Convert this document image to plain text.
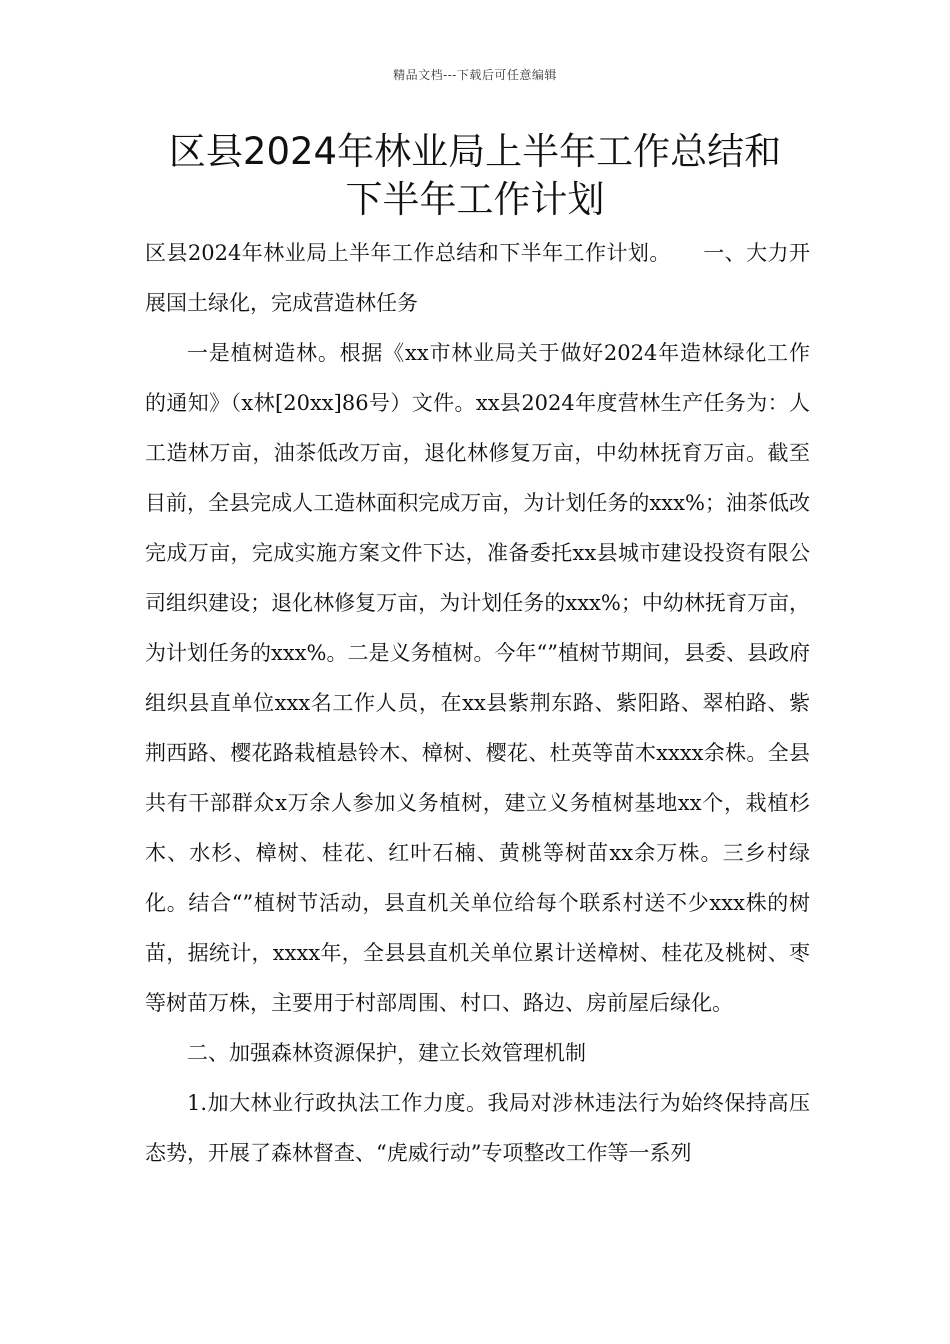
精品文档---下载后可任意编辑
区县2024年林业局上半年工作总结和
下半年工作计划

区县2024年林业局上半年工作总结和下半年工作计划。　　一、大力开展国土绿化，完成营造林任务

一是植树造林。根据《xx市林业局关于做好2024年造林绿化工作的通知》（x林[20xx]86号）文件。xx县2024年度营林生产任务为：人工造林万亩，油茶低改万亩，退化林修复万亩，中幼林抚育万亩。截至目前，全县完成人工造林面积完成万亩，为计划任务的xxx%；油茶低改完成万亩，完成实施方案文件下达，准备委托xx县城市建设投资有限公司组织建设；退化林修复万亩，为计划任务的xxx%；中幼林抚育万亩，为计划任务的xxx%。二是义务植树。今年“”植树节期间，县委、县政府组织县直单位xxx名工作人员，在xx县紫荆东路、紫阳路、翠柏路、紫荆西路、樱花路栽植悬铃木、樟树、樱花、杜英等苗木xxxx余株。全县共有干部群众x万余人参加义务植树，建立义务植树基地xx个，栽植杉木、水杉、樟树、桂花、红叶石楠、黄桃等树苗xx余万株。三乡村绿化。结合“”植树节活动，县直机关单位给每个联系村送不少xxx株的树苗，据统计，xxxx年，全县县直机关单位累计送樟树、桂花及桃树、枣等树苗万株，主要用于村部周围、村口、路边、房前屋后绿化。

二、加强森林资源保护，建立长效管理机制

1.加大林业行政执法工作力度。我局对涉林违法行为始终保持高压态势，开展了森林督查、“虎威行动”专项整改工作等一系列
